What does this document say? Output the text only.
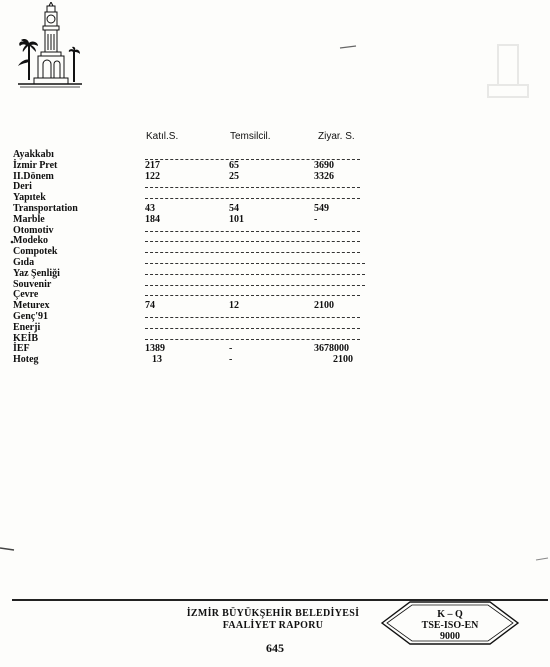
Katıl.S.	Temsilcil.	Ziyar. S.
Ayakkabı
İzmir Pret	217	65	3690
II.Dönem	122	25	3326
Deri
Yapıtek
Transportation	43	54	549
Marble	184	101	-
Otomotiv
Modeko
Compotek
Gıda
Yaz Şenliği
Souvenir
Çevre
Meturex	74	12	2100
Genç'91
Enerji
KEİB
İEF	1389	-	3678000
Hoteg	13	-	2100
İZMİR BÜYÜKŞEHİR BELEDİYESİ
FAALİYET RAPORU
K – Q
TSE-ISO-EN
9000
645
